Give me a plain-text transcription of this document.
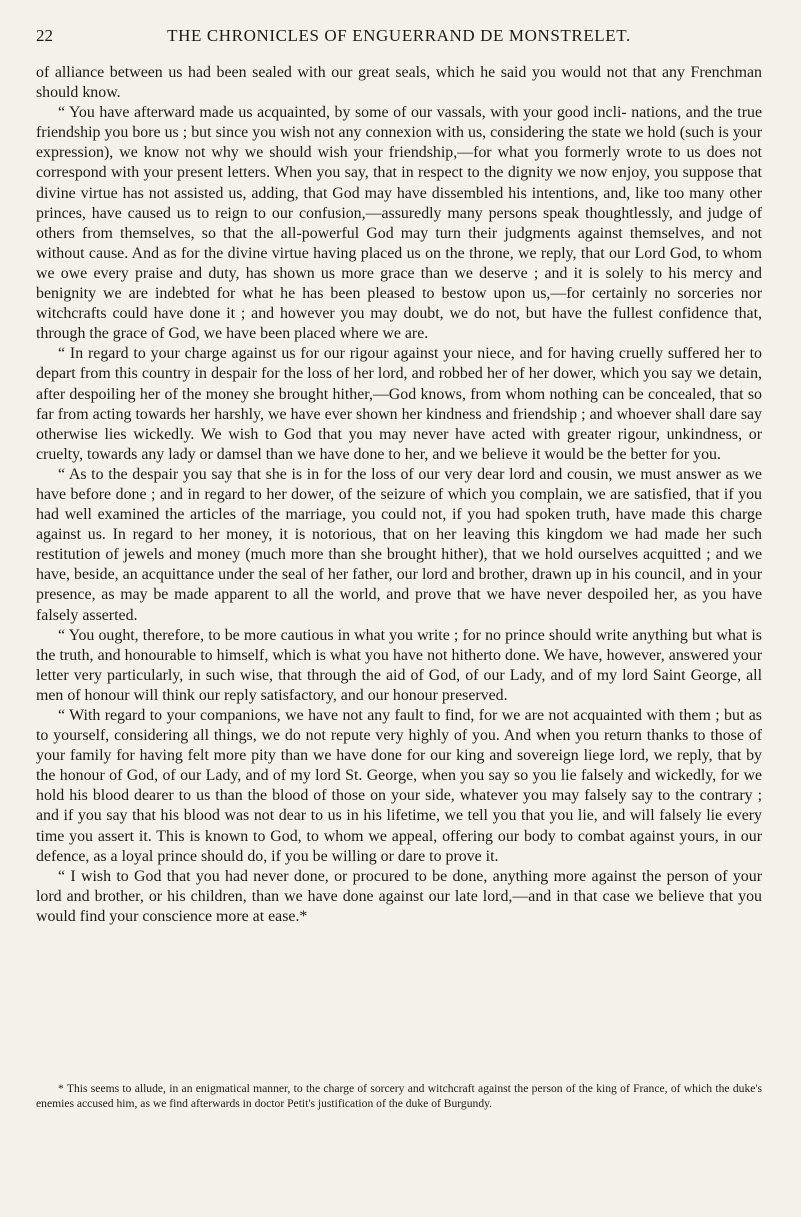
22	THE CHRONICLES OF ENGUERRAND DE MONSTRELET.

of alliance between us had been sealed with our great seals, which he said you would not that any Frenchman should know.

“ You have afterward made us acquainted, by some of our vassals, with your good incli- nations, and the true friendship you bore us ; but since you wish not any connexion with us, considering the state we hold (such is your expression), we know not why we should wish your friendship,—for what you formerly wrote to us does not correspond with your present letters. When you say, that in respect to the dignity we now enjoy, you suppose that divine virtue has not assisted us, adding, that God may have dissembled his intentions, and, like too many other princes, have caused us to reign to our confusion,—assuredly many persons speak thoughtlessly, and judge of others from themselves, so that the all-powerful God may turn their judgments against themselves, and not without cause. And as for the divine virtue having placed us on the throne, we reply, that our Lord God, to whom we owe every praise and duty, has shown us more grace than we deserve ; and it is solely to his mercy and benignity we are indebted for what he has been pleased to bestow upon us,—for certainly no sorceries nor witchcrafts could have done it ; and however you may doubt, we do not, but have the fullest confidence that, through the grace of God, we have been placed where we are.

“ In regard to your charge against us for our rigour against your niece, and for having cruelly suffered her to depart from this country in despair for the loss of her lord, and robbed her of her dower, which you say we detain, after despoiling her of the money she brought hither,—God knows, from whom nothing can be concealed, that so far from acting towards her harshly, we have ever shown her kindness and friendship ; and whoever shall dare say otherwise lies wickedly. We wish to God that you may never have acted with greater rigour, unkindness, or cruelty, towards any lady or damsel than we have done to her, and we believe it would be the better for you.

“ As to the despair you say that she is in for the loss of our very dear lord and cousin, we must answer as we have before done ; and in regard to her dower, of the seizure of which you complain, we are satisfied, that if you had well examined the articles of the marriage, you could not, if you had spoken truth, have made this charge against us. In regard to her money, it is notorious, that on her leaving this kingdom we had made her such restitution of jewels and money (much more than she brought hither), that we hold ourselves acquitted ; and we have, beside, an acquittance under the seal of her father, our lord and brother, drawn up in his council, and in your presence, as may be made apparent to all the world, and prove that we have never despoiled her, as you have falsely asserted.

“ You ought, therefore, to be more cautious in what you write ; for no prince should write anything but what is the truth, and honourable to himself, which is what you have not hitherto done. We have, however, answered your letter very particularly, in such wise, that through the aid of God, of our Lady, and of my lord Saint George, all men of honour will think our reply satisfactory, and our honour preserved.

“ With regard to your companions, we have not any fault to find, for we are not acquainted with them ; but as to yourself, considering all things, we do not repute very highly of you. And when you return thanks to those of your family for having felt more pity than we have done for our king and sovereign liege lord, we reply, that by the honour of God, of our Lady, and of my lord St. George, when you say so you lie falsely and wickedly, for we hold his blood dearer to us than the blood of those on your side, whatever you may falsely say to the contrary ; and if you say that his blood was not dear to us in his lifetime, we tell you that you lie, and will falsely lie every time you assert it. This is known to God, to whom we appeal, offering our body to combat against yours, in our defence, as a loyal prince should do, if you be willing or dare to prove it.

“ I wish to God that you had never done, or procured to be done, anything more against the person of your lord and brother, or his children, than we have done against our late lord,—and in that case we believe that you would find your conscience more at ease.*

* This seems to allude, in an enigmatical manner, to the charge of sorcery and witchcraft against the person of the king of France, of which the duke's enemies accused him, as we find afterwards in doctor Petit's justification of the duke of Burgundy.
